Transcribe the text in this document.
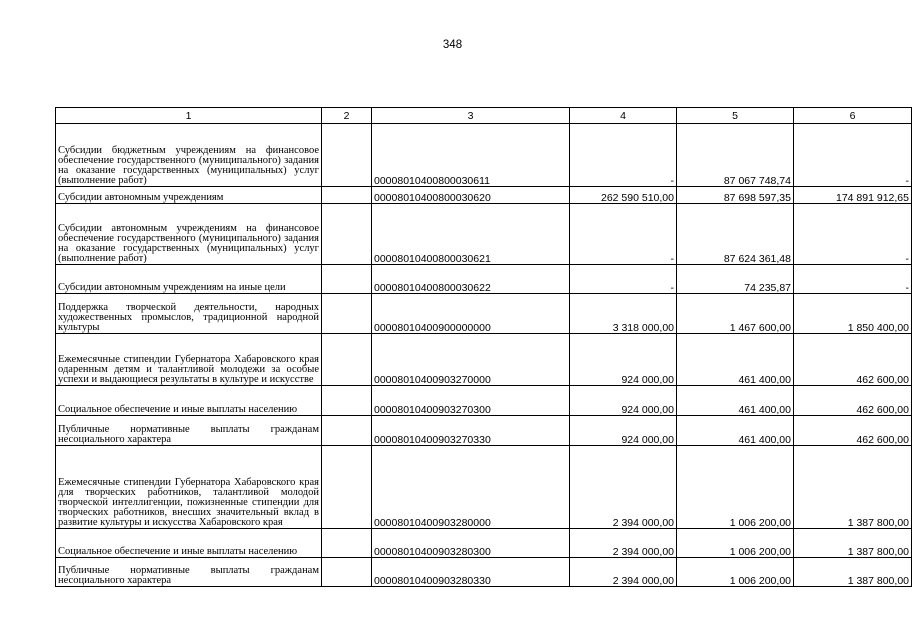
348
1	2	3	4	5	6
Субсидии бюджетным учреждениям на финансовое обеспечение государственного (муниципального) задания на оказание государственных (муниципальных) услуг (выполнение работ)		00008010400800030611	-	87 067 748,74	-
Субсидии автономным учреждениям		00008010400800030620	262 590 510,00	87 698 597,35	174 891 912,65
Субсидии автономным учреждениям на финансовое обеспечение государственного (муниципального) задания на оказание государственных (муниципальных) услуг (выполнение работ)		00008010400800030621	-	87 624 361,48	-
Субсидии автономным учреждениям на иные цели		00008010400800030622	-	74 235,87	-
Поддержка творческой деятельности, народных художественных промыслов, традиционной народной культуры		00008010400900000000	3 318 000,00	1 467 600,00	1 850 400,00
Ежемесячные стипендии Губернатора Хабаровского края одаренным детям и талантливой молодежи за особые успехи и выдающиеся результаты в культуре и искусстве		00008010400903270000	924 000,00	461 400,00	462 600,00
Социальное обеспечение и иные выплаты населению		00008010400903270300	924 000,00	461 400,00	462 600,00
Публичные нормативные выплаты гражданам несоциального характера		00008010400903270330	924 000,00	461 400,00	462 600,00
Ежемесячные стипендии Губернатора Хабаровского края для творческих работников, талантливой молодой творческой интеллигенции, пожизненные стипендии для творческих работников, внесших значительный вклад в развитие культуры и искусства Хабаровского края		00008010400903280000	2 394 000,00	1 006 200,00	1 387 800,00
Социальное обеспечение и иные выплаты населению		00008010400903280300	2 394 000,00	1 006 200,00	1 387 800,00
Публичные нормативные выплаты гражданам несоциального характера		00008010400903280330	2 394 000,00	1 006 200,00	1 387 800,00
